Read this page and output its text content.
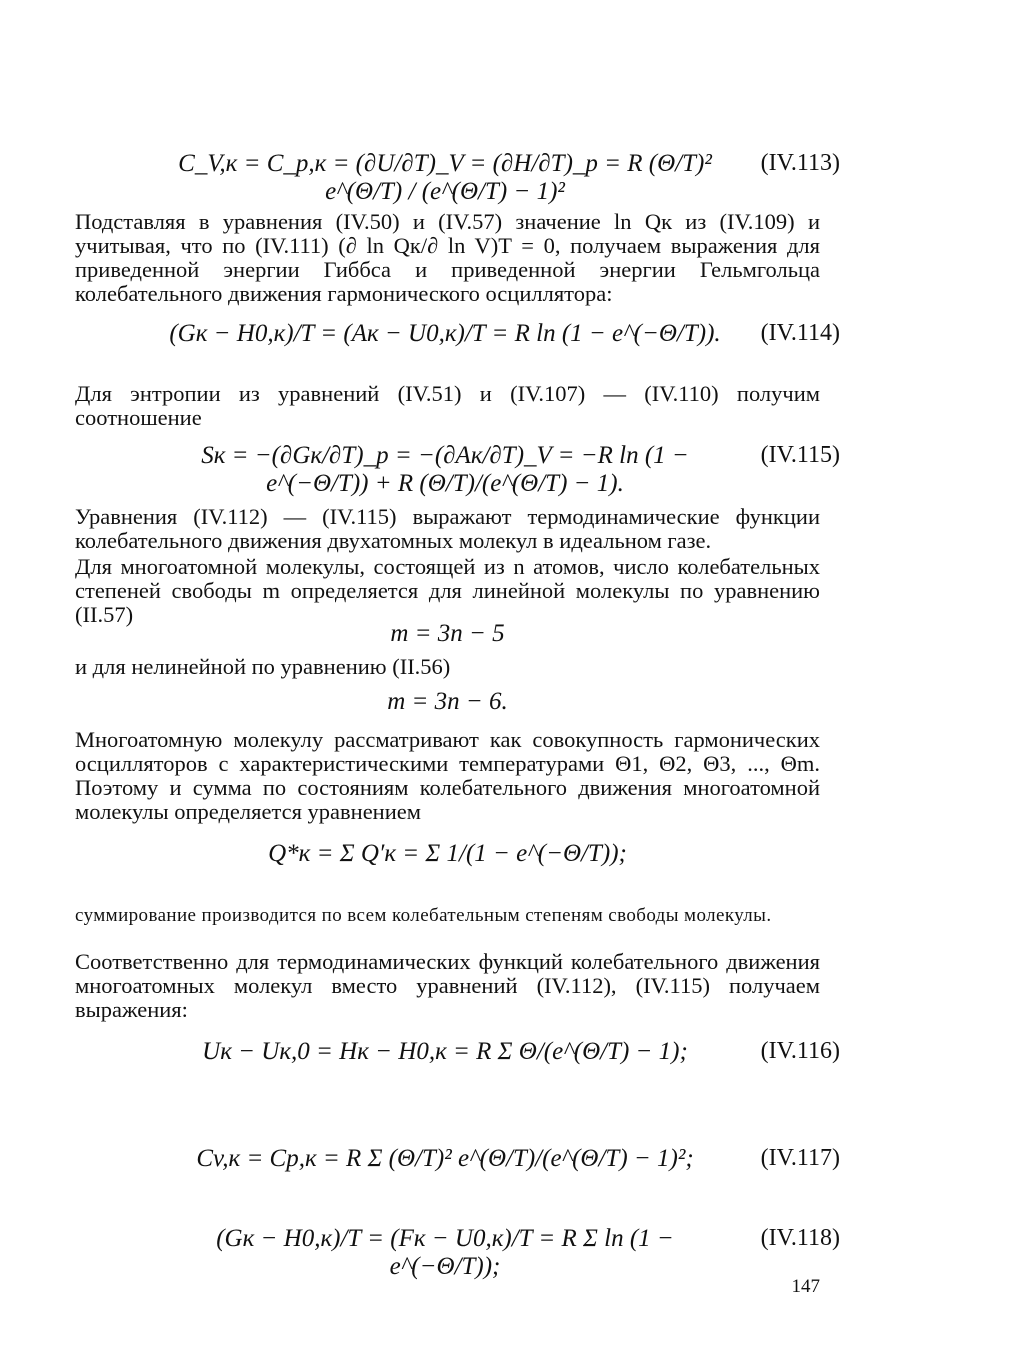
C_V,к = C_p,к = (∂U/∂T)_V = (∂H/∂T)_p = R (Θ/T)² e^(Θ/T) / (e^(Θ/T) − 1)²
(IV.113)

Подставляя в уравнения (IV.50) и (IV.57) значение ln Qк из (IV.109) и учитывая, что по (IV.111) (∂ ln Qк/∂ ln V)T = 0, получаем выражения для приведенной энергии Гиббса и приведенной энергии Гельмгольца колебательного движения гармонического осциллятора:

(Gк − H0,к)/T = (Aк − U0,к)/T = R ln (1 − e^(−Θ/T)).	(IV.114)

Для энтропии из уравнений (IV.51) и (IV.107) — (IV.110) получим соотношение

Sк = −(∂Gк/∂T)_p = −(∂Aк/∂T)_V = −R ln (1 − e^(−Θ/T)) + R (Θ/T)/(e^(Θ/T) − 1).
(IV.115)

Уравнения (IV.112) — (IV.115) выражают термодинамические функции колебательного движения двухатомных молекул в идеальном газе.

Для многоатомной молекулы, состоящей из n атомов, число колебательных степеней свободы m определяется для линейной молекулы по уравнению (II.57)

m = 3n − 5

и для нелинейной по уравнению (II.56)

m = 3n − 6.

Многоатомную молекулу рассматривают как совокупность гармонических осцилляторов с характеристическими температурами Θ1, Θ2, Θ3, ..., Θm. Поэтому и сумма по состояниям колебательного движения многоатомной молекулы определяется уравнением

Q*к = Σ Q′к = Σ 1/(1 − e^(−Θ/T));

суммирование производится по всем колебательным степеням свободы молекулы.

Соответственно для термодинамических функций колебательного движения многоатомных молекул вместо уравнений (IV.112), (IV.115) получаем выражения:

Uк − Uк,0 = Hк − H0,к = R Σ Θ/(e^(Θ/T) − 1);	(IV.116)
Cv,к = Cp,к = R Σ (Θ/T)² e^(Θ/T)/(e^(Θ/T) − 1)²;	(IV.117)
(Gк − H0,к)/T = (Fк − U0,к)/T = R Σ ln (1 − e^(−Θ/T));
(IV.118)
147
